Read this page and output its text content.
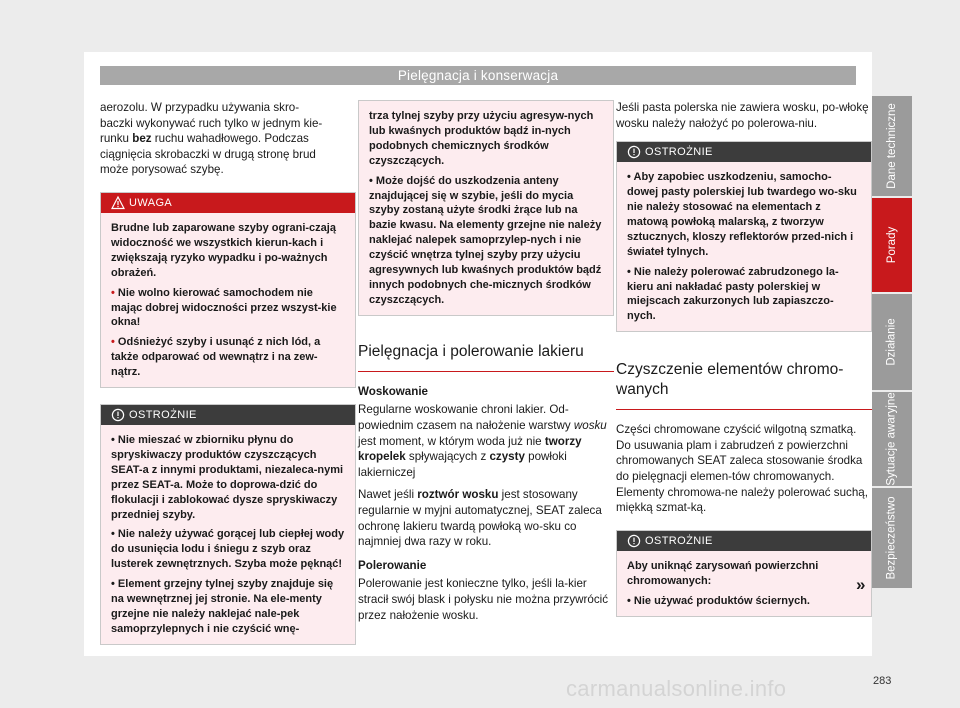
Pielęgnacja i konserwacja

aerozolu. W przypadku używania skro-
baczki wykonywać ruch tylko w jednym kie-
runku bez ruchu wahadłowego. Podczas
ciągnięcia skrobaczki w drugą stronę brud
może porysować szybę.

UWAGA
Brudne lub zaparowane szyby ograni-czają widoczność we wszystkich kierun-kach i zwiększają ryzyko wypadku i po-ważnych obrażeń.
• Nie wolno kierować samochodem nie mając dobrej widoczności przez wszyst-kie okna!
• Odśnieżyć szyby i usunąć z nich lód, a także odparować od wewnątrz i na zew-nątrz.
OSTROŻNIE
• Nie mieszać w zbiorniku płynu do spryskiwaczy produktów czyszczących SEAT-a z innymi produktami, niezaleca-nymi przez SEAT-a. Może to doprowa-dzić do flokulacji i zablokować dysze spryskiwaczy przedniej szyby.
• Nie należy używać gorącej lub ciepłej wody do usunięcia lodu i śniegu z szyb oraz lusterek zewnętrznych. Szyba może pęknąć!
• Element grzejny tylnej szyby znajduje się na wewnętrznej jej stronie. Na ele-menty grzejne nie należy naklejać nale-pek samoprzylepnych i nie czyścić wnę-
trza tylnej szyby przy użyciu agresyw-nych lub kwaśnych produktów bądź in-nych podobnych chemicznych środków czyszczących.
• Może dojść do uszkodzenia anteny znajdującej się w szybie, jeśli do mycia szyby zostaną użyte środki żrące lub na bazie kwasu. Na elementy grzejne nie należy naklejać nalepek samoprzylep-nych i nie czyścić wnętrza tylnej szyby przy użyciu agresywnych lub kwaśnych produktów bądź innych podobnych che-micznych środków czyszczących.
Pielęgnacja i polerowanie lakieru
Woskowanie

Regularne woskowanie chroni lakier. Od-powiednim czasem na nałożenie warstwy wosku jest moment, w którym woda już nie tworzy kropelek spływających z czysty powłoki lakierniczej

Nawet jeśli roztwór wosku jest stosowany regularnie w myjni automatycznej, SEAT zaleca ochronę lakieru twardą powłoką wo-sku co najmniej dwa razy w roku.

Polerowanie

Polerowanie jest konieczne tylko, jeśli la-kier stracił swój blask i połysku nie można przywrócić przez nałożenie wosku.

Jeśli pasta polerska nie zawiera wosku, po-włokę wosku należy nałożyć po polerowa-niu.

OSTROŻNIE
• Aby zapobiec uszkodzeniu, samocho-dowej pasty polerskiej lub twardego wo-sku nie należy stosować na elementach z matową powłoką malarską, z tworzyw sztucznych, kloszy reflektorów przed-nich i świateł tylnych.
• Nie należy polerować zabrudzonego la-kieru ani nakładać pasty polerskiej w miejscach zakurzonych lub zapiaszczo-nych.
Czyszczenie elementów chromo-wanych

Części chromowane czyścić wilgotną szmatką. Do usuwania plam i zabrudzeń z powierzchni chromowanych SEAT zaleca stosowanie środka do pielęgnacji elemen-tów chromowanych. Elementy chromowa-ne należy polerować suchą, miękką szmat-ką.

OSTROŻNIE
Aby uniknąć zarysowań powierzchni chromowanych:
• Nie używać produktów ściernych.
»
Dane techniczne
Porady
Działanie
Sytuacje awaryjne
Bezpieczeństwo
283
carmanualsonline.info
